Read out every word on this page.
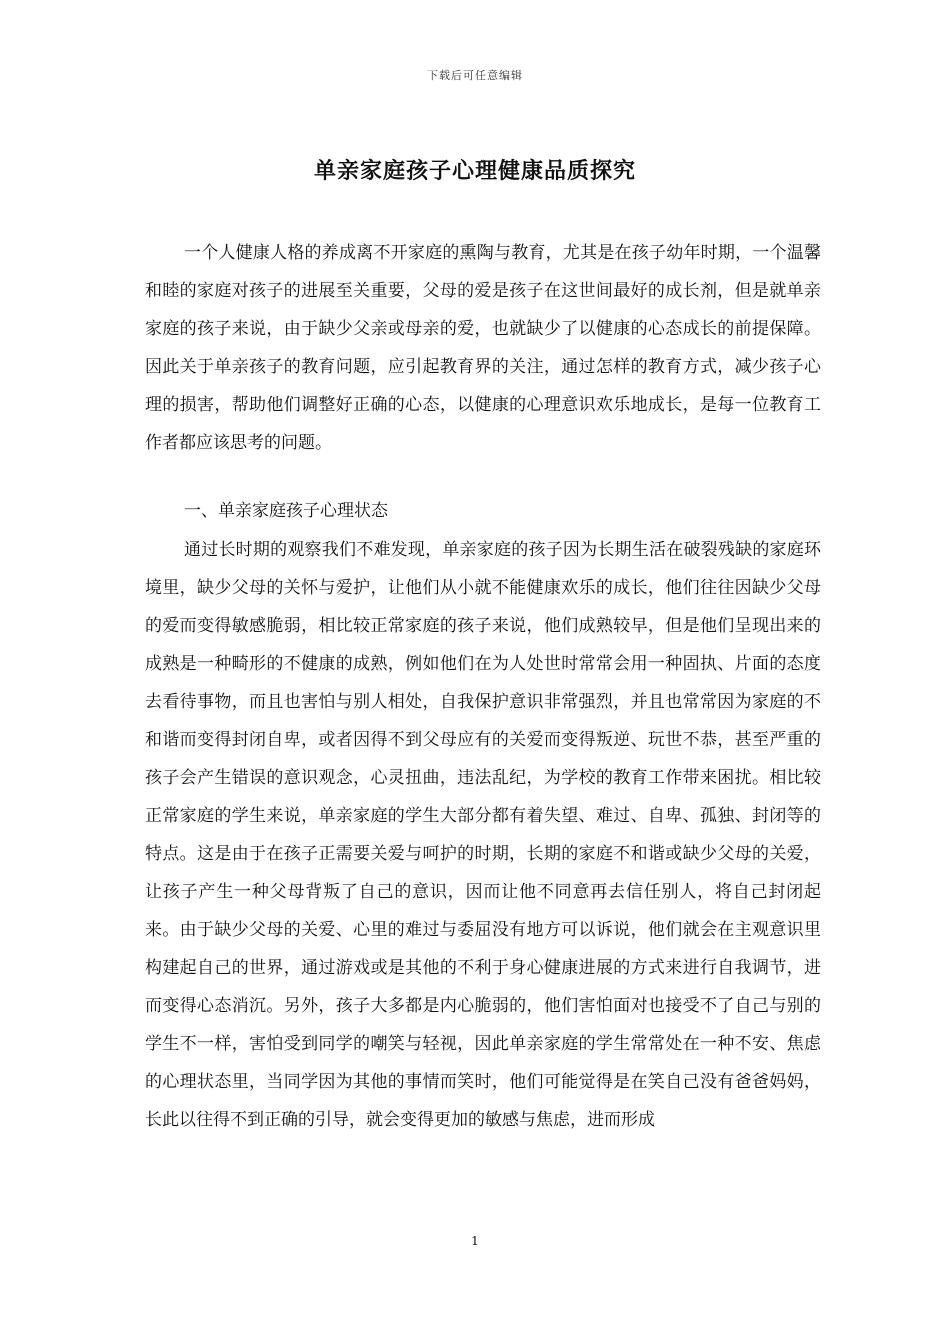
下载后可任意编辑
单亲家庭孩子心理健康品质探究

一个人健康人格的养成离不开家庭的熏陶与教育，尤其是在孩子幼年时期，一个温馨和睦的家庭对孩子的进展至关重要，父母的爱是孩子在这世间最好的成长剂，但是就单亲家庭的孩子来说，由于缺少父亲或母亲的爱，也就缺少了以健康的心态成长的前提保障。因此关于单亲孩子的教育问题，应引起教育界的关注，通过怎样的教育方式，减少孩子心理的损害，帮助他们调整好正确的心态，以健康的心理意识欢乐地成长，是每一位教育工作者都应该思考的问题。

一、单亲家庭孩子心理状态

通过长时期的观察我们不难发现，单亲家庭的孩子因为长期生活在破裂残缺的家庭环境里，缺少父母的关怀与爱护，让他们从小就不能健康欢乐的成长，他们往往因缺少父母的爱而变得敏感脆弱，相比较正常家庭的孩子来说，他们成熟较早，但是他们呈现出来的成熟是一种畸形的不健康的成熟，例如他们在为人处世时常常会用一种固执、片面的态度去看待事物，而且也害怕与别人相处，自我保护意识非常强烈，并且也常常因为家庭的不和谐而变得封闭自卑，或者因得不到父母应有的关爱而变得叛逆、玩世不恭，甚至严重的孩子会产生错误的意识观念，心灵扭曲，违法乱纪，为学校的教育工作带来困扰。相比较正常家庭的学生来说，单亲家庭的学生大部分都有着失望、难过、自卑、孤独、封闭等的特点。这是由于在孩子正需要关爱与呵护的时期，长期的家庭不和谐或缺少父母的关爱，让孩子产生一种父母背叛了自己的意识，因而让他不同意再去信任别人，将自己封闭起来。由于缺少父母的关爱、心里的难过与委屈没有地方可以诉说，他们就会在主观意识里构建起自己的世界，通过游戏或是其他的不利于身心健康进展的方式来进行自我调节，进而变得心态消沉。另外，孩子大多都是内心脆弱的，他们害怕面对也接受不了自己与别的学生不一样，害怕受到同学的嘲笑与轻视，因此单亲家庭的学生常常处在一种不安、焦虑的心理状态里，当同学因为其他的事情而笑时，他们可能觉得是在笑自己没有爸爸妈妈，长此以往得不到正确的引导，就会变得更加的敏感与焦虑，进而形成

1
